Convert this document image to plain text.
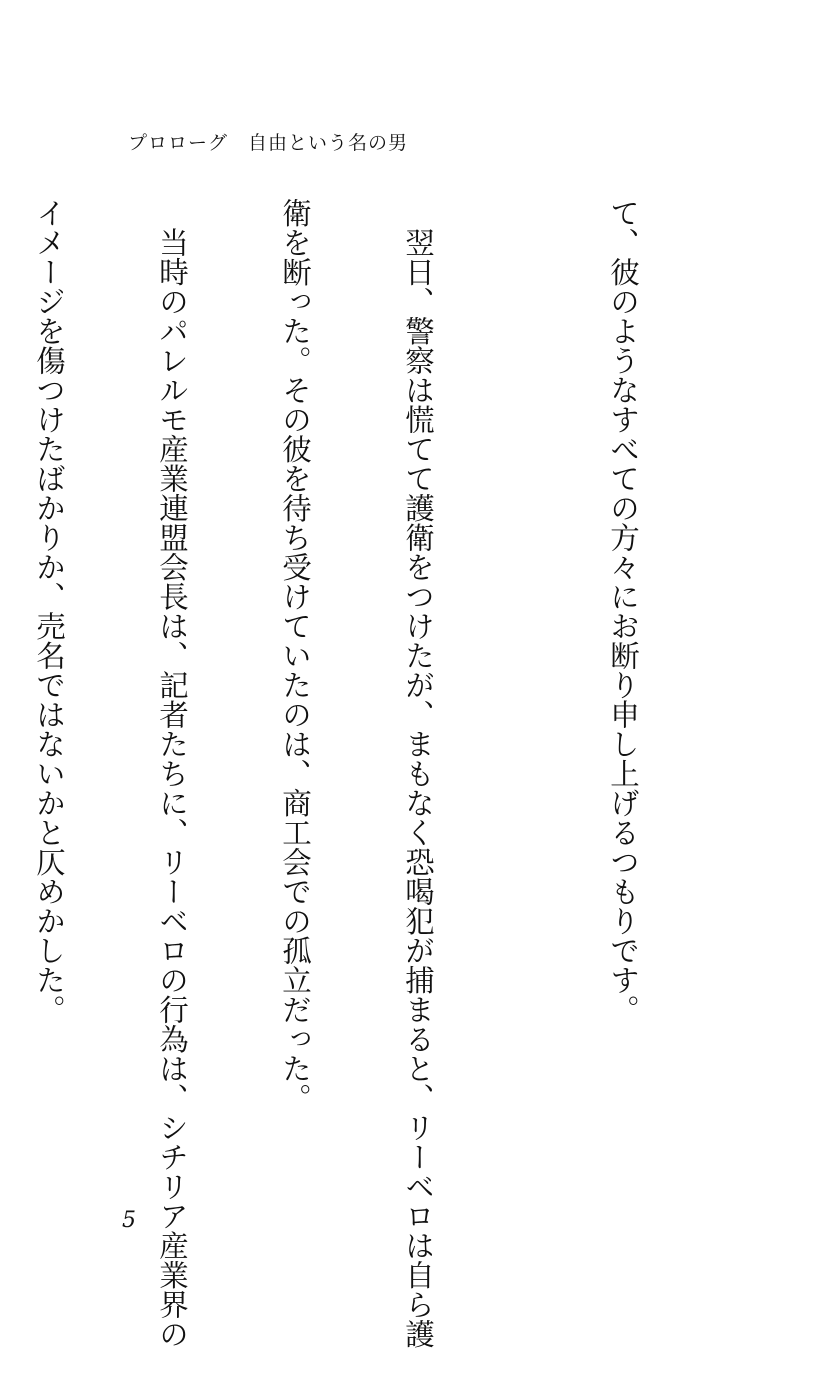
プロローグ　自由という名の男

て、彼のようなすべての方々にお断り申し上げるつもりです。

　翌日、警察は慌てて護衛をつけたが、まもなく恐喝犯が捕まると、リーベロは自ら護

衛を断った。その彼を待ち受けていたのは、商工会での孤立だった。

　当時のパレルモ産業連盟会長は、記者たちに、リーベロの行為は、シチリア産業界の

イメージを傷つけたばかりか、売名ではないかと仄めかした。

5
